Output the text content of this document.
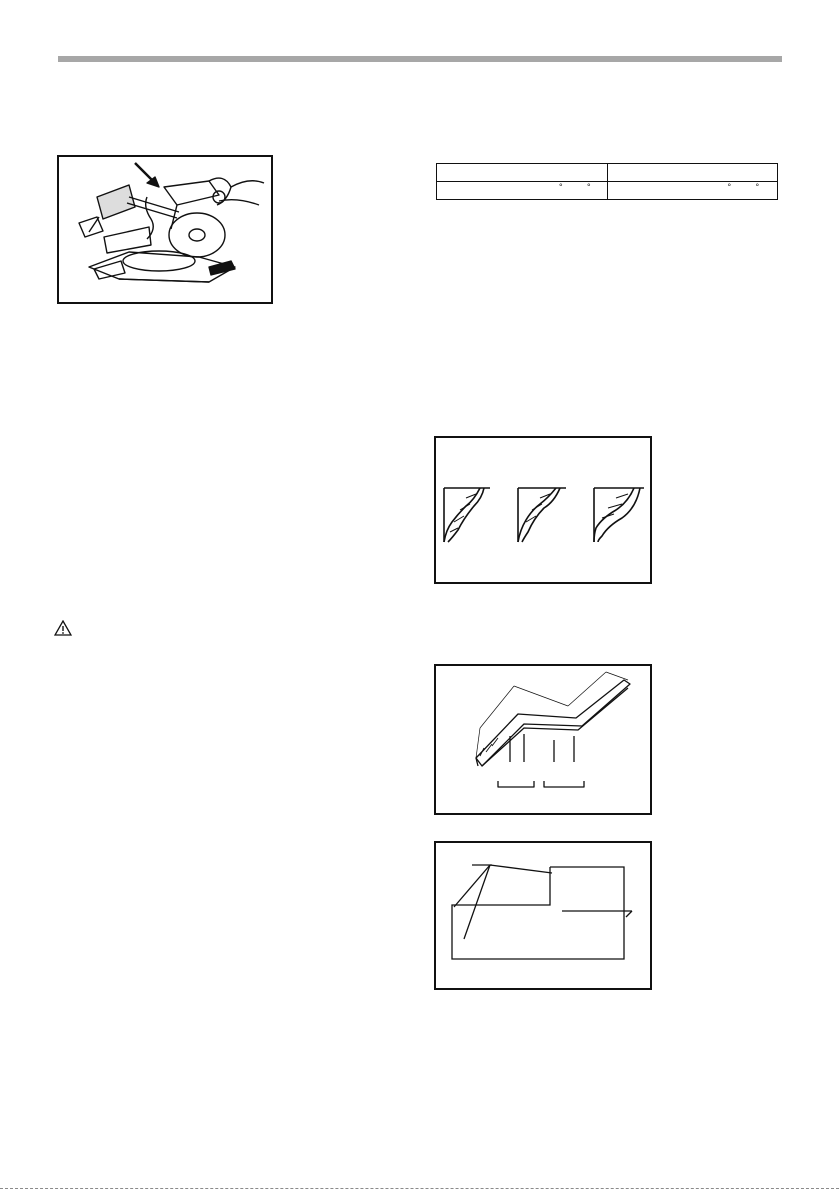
° °	° °
